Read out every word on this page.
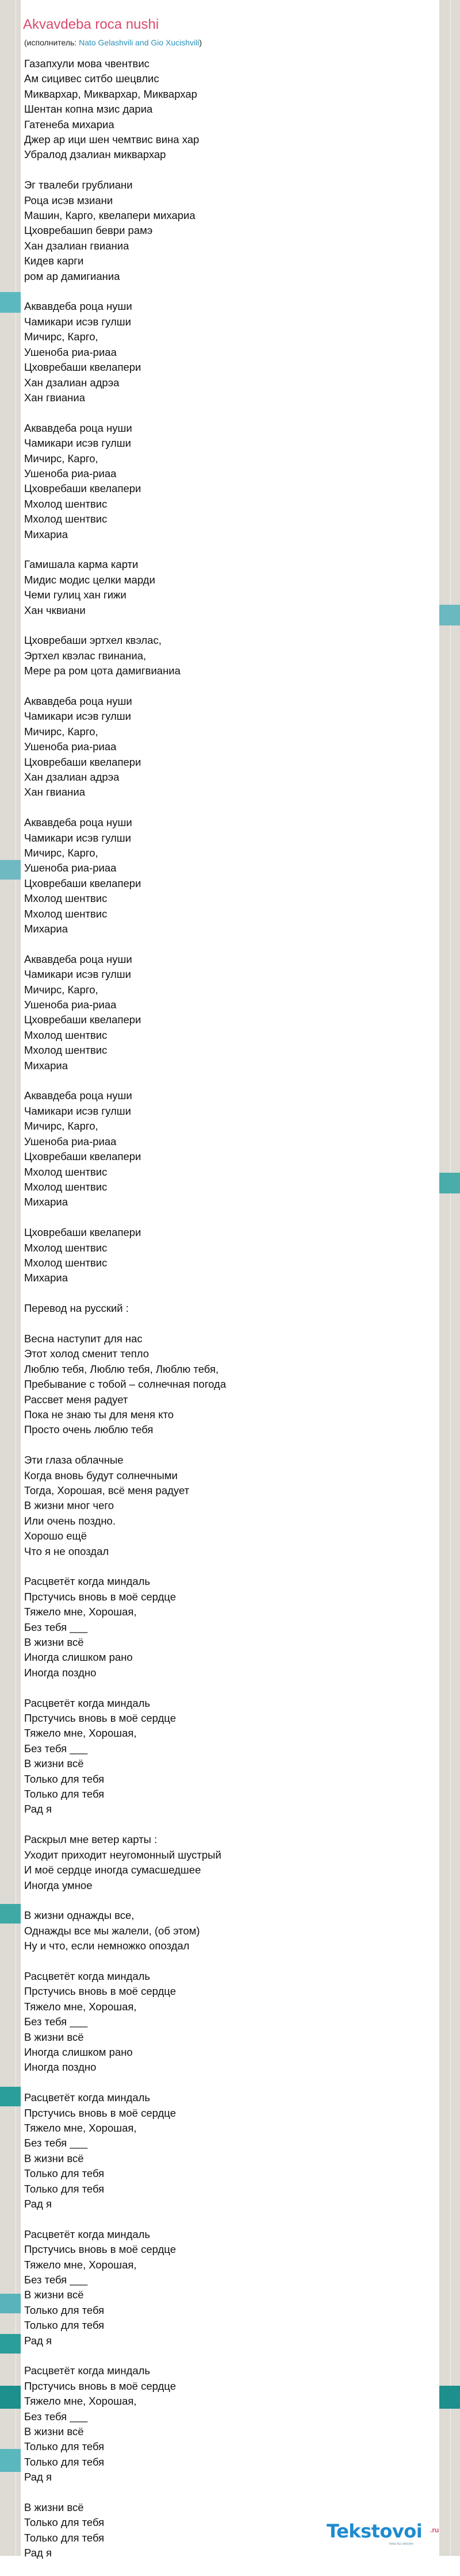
Akvavdeba roca nushi
(исполнитель: Nato Gelashvili and Gio Xucishvili)
Газапхули мова чвентвис
Ам сицивес ситбо шецвлис
Миквархар, Миквархар, Миквархар
Шентан копна мзис дариа
Гатенеба михариа
Джер ар ици шен чемтвис вина хар
Убралод дзалиан миквархар
Эг твалеби грублиани
Роца исэв мзиани
Машин, Карго, квелапери михариа
Цховребашиn беври рамэ
Хан дзалиан гвианиа
Кидев карги
ром ар дамигианиа
Аквавдеба роца нуши
Чамикари исэв гулши
Мичирс, Карго,
Ушенобa риа-риаа
Цховребаши квелапери
Хан дзалиан адрэа
Хан гвианиа
Аквавдеба роца нуши
Чамикари исэв гулши
Мичирс, Карго,
Ушеноба риа-риаа
Цховребаши квелапери
Мхолод шентвис
Мхолод шентвис
Михариа
Гамишала карма карти
Мидис модис целки марди
Чеми гулиц хан гижи
Хан чквиани
Цховребаши эртхел квэлас,
Эртхел квэлас гвинаниа,
Мере ра ром цота дамигвианиа
Аквавдеба роца нуши
Чамикари исэв гулши
Мичирс, Карго,
Ушеноба риа-риаа
Цховребаши квелапери
Хан дзалиан адрэа
Хан гвианиа
Аквавдеба роца нуши
Чамикари исэв гулши
Мичирс, Карго,
Ушеноба риа-риаа
Цховребаши квелапери
Мхолод шентвис
Мхолод шентвис
Михариа
Аквавдеба роца нуши
Чамикари исэв гулши
Мичирс, Карго,
Ушеноба риа-риаа
Цховребаши квелапери
Мхолод шентвис
Мхолод шентвис
Михариа
Аквавдеба роца нуши
Чамикари исэв гулши
Мичирс, Карго,
Ушеноба риа-риаа
Цховребаши квелапери
Мхолод шентвис
Мхолод шентвис
Михариа
Цховребаши квелапери
Мхолод шентвис
Мхолод шентвис
Михариа
Перевод на русский :
Весна наступит для нас
Этот холод сменит тепло
Люблю тебя, Люблю тебя, Люблю тебя,
Пребывание с тобой – солнечная погода
Рассвет меня радует
Пока не знаю ты для меня кто
Просто очень люблю тебя
Эти глаза облачные
Когда вновь будут солнечными
Тогда, Хорошая, всё меня радует
В жизни мног чего
Или очень поздно.
Хорошо ещё
Что я не опоздал
Расцветёт когда миндаль
Прстучись вновь в моё сердце
Тяжело мне, Хорошая,
Без тебя ___
В жизни всё
Иногда слишком рано
Иногда поздно
Расцветёт когда миндаль
Прстучись вновь в моё сердце
Тяжело мне, Хорошая,
Без тебя ___
В жизни всё
Только для тебя
Только для тебя
Рад я
Раскрыл мне ветер карты :
Уходит приходит неугомонный шустрый
И моё сердце иногда сумасшедшее
Иногда умное
В жизни однажды все,
Однажды все мы жалели, (об этом)
Ну и что, если немножко опоздал
Расцветёт когда миндаль
Прстучись вновь в моё сердце
Тяжело мне, Хорошая,
Без тебя ___
В жизни всё
Иногда слишком рано
Иногда поздно
Расцветёт когда миндаль
Прстучись вновь в моё сердце
Тяжело мне, Хорошая,
Без тебя ___
В жизни всё
Только для тебя
Только для тебя
Рад я
Расцветёт когда миндаль
Прстучись вновь в моё сердце
Тяжело мне, Хорошая,
Без тебя ___
В жизни всё
Только для тебя
Только для тебя
Рад я
Расцветёт когда миндаль
Прстучись вновь в моё сердце
Тяжело мне, Хорошая,
Без тебя ___
В жизни всё
Только для тебя
Только для тебя
Рад я
В жизни всё
Только для тебя
Только для тебя
Рад я
Tekstovoi .ru
тексты песен
